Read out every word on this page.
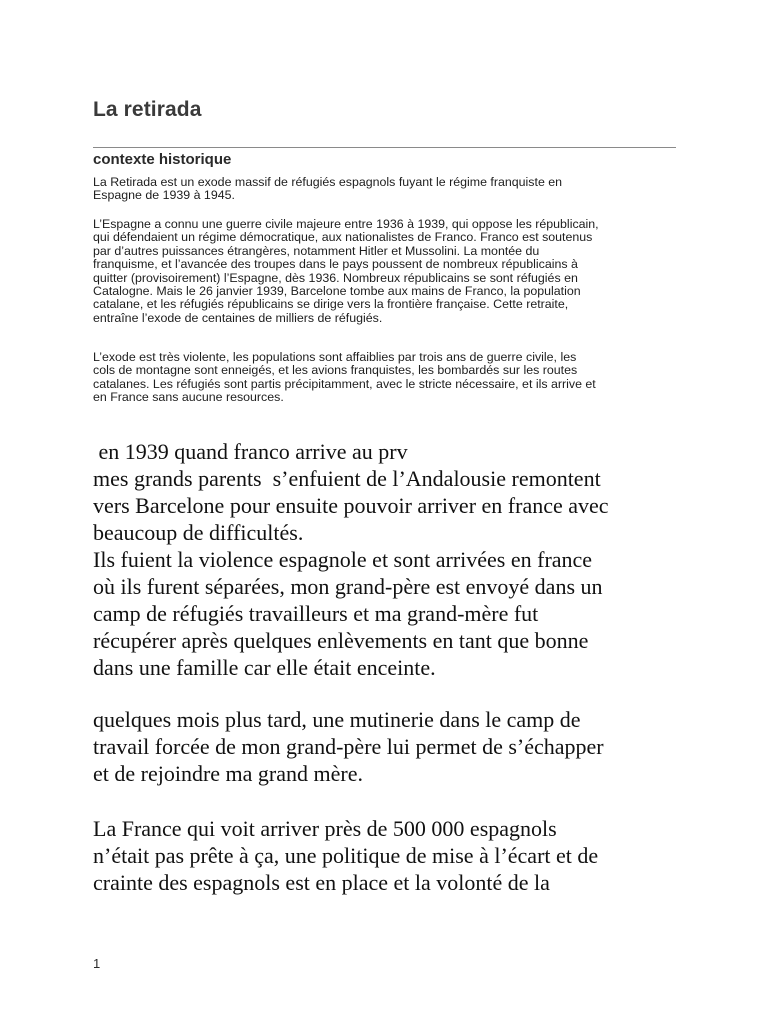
La retirada
contexte historique

La Retirada est un exode massif de réfugiés espagnols fuyant le régime franquiste en

Espagne de 1939 à 1945.

L’Espagne a connu une guerre civile majeure entre 1936 à 1939, qui oppose les républicain,

qui défendaient un régime démocratique, aux nationalistes de Franco. Franco est soutenus

par d’autres puissances étrangères, notamment Hitler et Mussolini. La montée du

franquisme, et l’avancée des troupes dans le pays poussent de nombreux républicains à

quitter (provisoirement) l’Espagne, dès 1936. Nombreux républicains se sont réfugiés en

Catalogne. Mais le 26 janvier 1939, Barcelone tombe aux mains de Franco, la population

catalane, et les réfugiés républicains se dirige vers la frontière française. Cette retraite,

entraîne l’exode de centaines de milliers de réfugiés.

L’exode est très violente, les populations sont affaiblies par trois ans de guerre civile, les

cols de montagne sont enneigés, et les avions franquistes, les bombardés sur les routes

catalanes. Les réfugiés sont partis précipitamment, avec le stricte nécessaire, et ils arrive et

en France sans aucune resources.

en 1939 quand franco arrive au prv

mes grands parents  s’enfuient de l’Andalousie remontent

vers Barcelone pour ensuite pouvoir arriver en france avec

beaucoup de difficultés.

Ils fuient la violence espagnole et sont arrivées en france

où ils furent séparées, mon grand-père est envoyé dans un

camp de réfugiés travailleurs et ma grand-mère fut

récupérer après quelques enlèvements en tant que bonne

dans une famille car elle était enceinte.

quelques mois plus tard, une mutinerie dans le camp de

travail forcée de mon grand-père lui permet de s’échapper

et de rejoindre ma grand mère.

La France qui voit arriver près de 500 000 espagnols

n’était pas prête à ça, une politique de mise à l’écart et de

crainte des espagnols est en place et la volonté de la

1
